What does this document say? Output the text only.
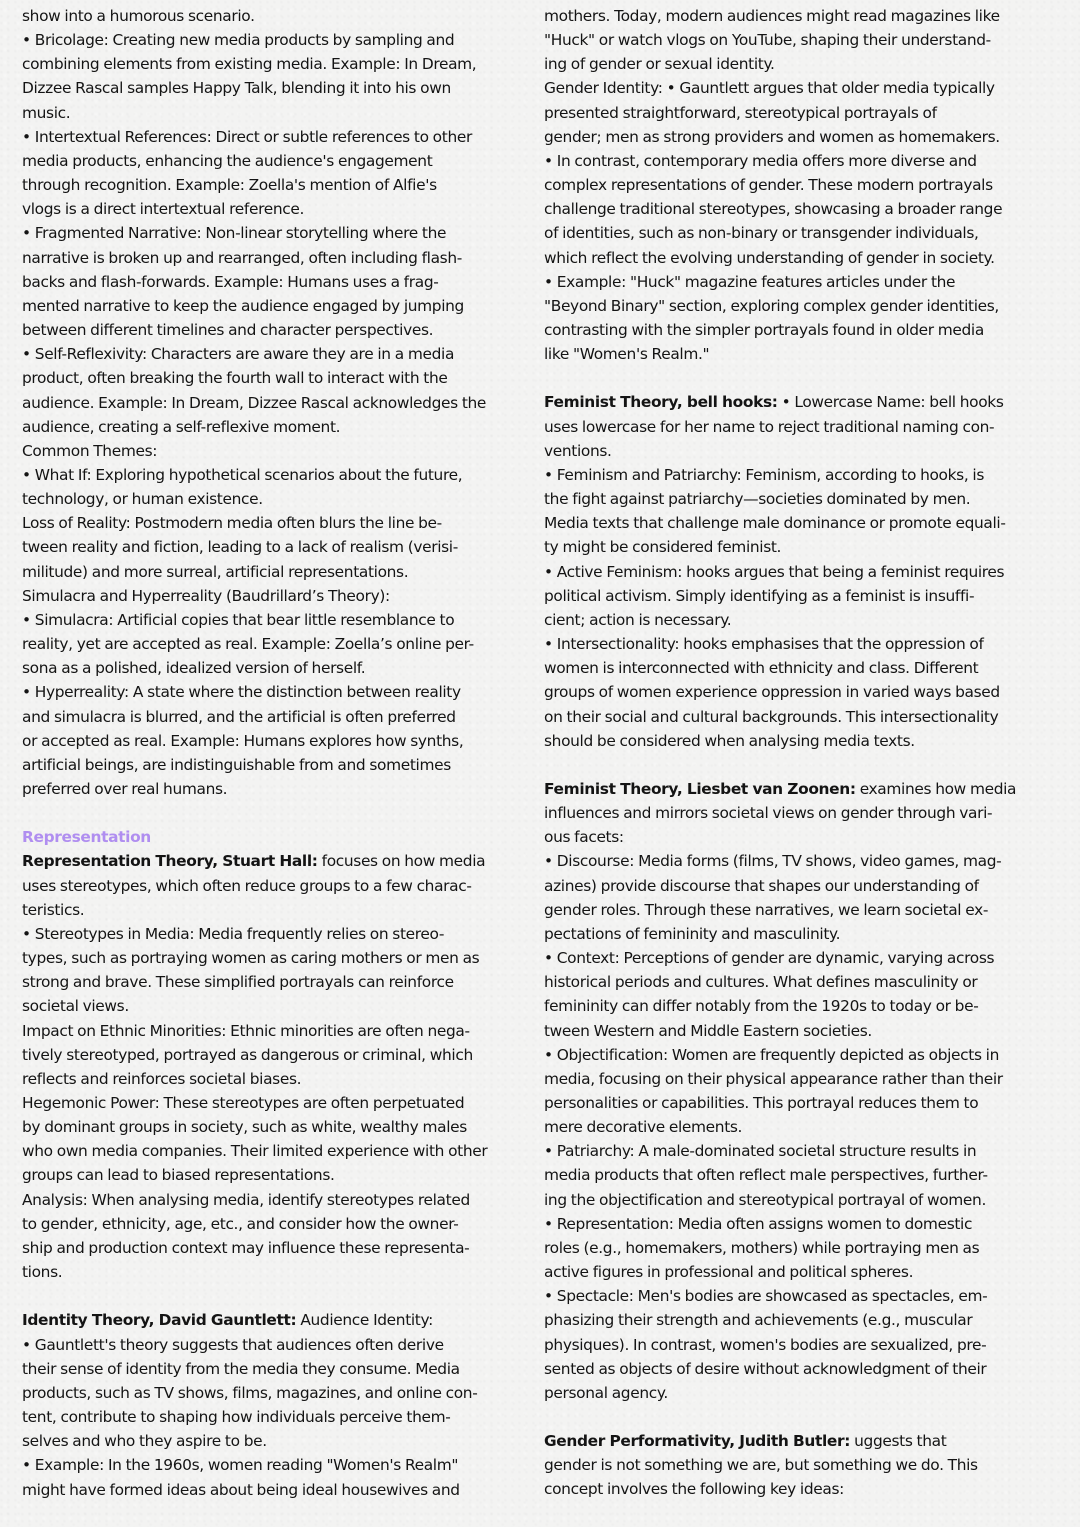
show into a humorous scenario.
• Bricolage: Creating new media products by sampling and
combining elements from existing media. Example: In Dream,
Dizzee Rascal samples Happy Talk, blending it into his own
music.
• Intertextual References: Direct or subtle references to other
media products, enhancing the audience's engagement
through recognition. Example: Zoella's mention of Alfie's
vlogs is a direct intertextual reference.
• Fragmented Narrative: Non-linear storytelling where the
narrative is broken up and rearranged, often including flash-
backs and flash-forwards. Example: Humans uses a frag-
mented narrative to keep the audience engaged by jumping
between different timelines and character perspectives.
• Self-Reflexivity: Characters are aware they are in a media
product, often breaking the fourth wall to interact with the
audience. Example: In Dream, Dizzee Rascal acknowledges the
audience, creating a self-reflexive moment.
Common Themes:
• What If: Exploring hypothetical scenarios about the future,
technology, or human existence.
Loss of Reality: Postmodern media often blurs the line be-
tween reality and fiction, leading to a lack of realism (verisi-
militude) and more surreal, artificial representations.
Simulacra and Hyperreality (Baudrillard’s Theory):
• Simulacra: Artificial copies that bear little resemblance to
reality, yet are accepted as real. Example: Zoella’s online per-
sona as a polished, idealized version of herself.
• Hyperreality: A state where the distinction between reality
and simulacra is blurred, and the artificial is often preferred
or accepted as real. Example: Humans explores how synths,
artificial beings, are indistinguishable from and sometimes
preferred over real humans.
Representation
Representation Theory, Stuart Hall: focuses on how media
uses stereotypes, which often reduce groups to a few charac-
teristics.
• Stereotypes in Media: Media frequently relies on stereo-
types, such as portraying women as caring mothers or men as
strong and brave. These simplified portrayals can reinforce
societal views.
Impact on Ethnic Minorities: Ethnic minorities are often nega-
tively stereotyped, portrayed as dangerous or criminal, which
reflects and reinforces societal biases.
Hegemonic Power: These stereotypes are often perpetuated
by dominant groups in society, such as white, wealthy males
who own media companies. Their limited experience with other
groups can lead to biased representations.
Analysis: When analysing media, identify stereotypes related
to gender, ethnicity, age, etc., and consider how the owner-
ship and production context may influence these representa-
tions.
Identity Theory, David Gauntlett: Audience Identity:
• Gauntlett's theory suggests that audiences often derive
their sense of identity from the media they consume. Media
products, such as TV shows, films, magazines, and online con-
tent, contribute to shaping how individuals perceive them-
selves and who they aspire to be.
• Example: In the 1960s, women reading "Women's Realm"
might have formed ideas about being ideal housewives and
mothers. Today, modern audiences might read magazines like
"Huck" or watch vlogs on YouTube, shaping their understand-
ing of gender or sexual identity.
Gender Identity: • Gauntlett argues that older media typically
presented straightforward, stereotypical portrayals of
gender; men as strong providers and women as homemakers.
• In contrast, contemporary media offers more diverse and
complex representations of gender. These modern portrayals
challenge traditional stereotypes, showcasing a broader range
of identities, such as non-binary or transgender individuals,
which reflect the evolving understanding of gender in society.
• Example: "Huck" magazine features articles under the
"Beyond Binary" section, exploring complex gender identities,
contrasting with the simpler portrayals found in older media
like "Women's Realm."
Feminist Theory, bell hooks: • Lowercase Name: bell hooks
uses lowercase for her name to reject traditional naming con-
ventions.
• Feminism and Patriarchy: Feminism, according to hooks, is
the fight against patriarchy—societies dominated by men.
Media texts that challenge male dominance or promote equali-
ty might be considered feminist.
• Active Feminism: hooks argues that being a feminist requires
political activism. Simply identifying as a feminist is insuffi-
cient; action is necessary.
• Intersectionality: hooks emphasises that the oppression of
women is interconnected with ethnicity and class. Different
groups of women experience oppression in varied ways based
on their social and cultural backgrounds. This intersectionality
should be considered when analysing media texts.
Feminist Theory, Liesbet van Zoonen: examines how media
influences and mirrors societal views on gender through vari-
ous facets:
• Discourse: Media forms (films, TV shows, video games, mag-
azines) provide discourse that shapes our understanding of
gender roles. Through these narratives, we learn societal ex-
pectations of femininity and masculinity.
• Context: Perceptions of gender are dynamic, varying across
historical periods and cultures. What defines masculinity or
femininity can differ notably from the 1920s to today or be-
tween Western and Middle Eastern societies.
• Objectification: Women are frequently depicted as objects in
media, focusing on their physical appearance rather than their
personalities or capabilities. This portrayal reduces them to
mere decorative elements.
• Patriarchy: A male-dominated societal structure results in
media products that often reflect male perspectives, further-
ing the objectification and stereotypical portrayal of women.
• Representation: Media often assigns women to domestic
roles (e.g., homemakers, mothers) while portraying men as
active figures in professional and political spheres.
• Spectacle: Men's bodies are showcased as spectacles, em-
phasizing their strength and achievements (e.g., muscular
physiques). In contrast, women's bodies are sexualized, pre-
sented as objects of desire without acknowledgment of their
personal agency.
Gender Performativity, Judith Butler: uggests that
gender is not something we are, but something we do. This
concept involves the following key ideas:
